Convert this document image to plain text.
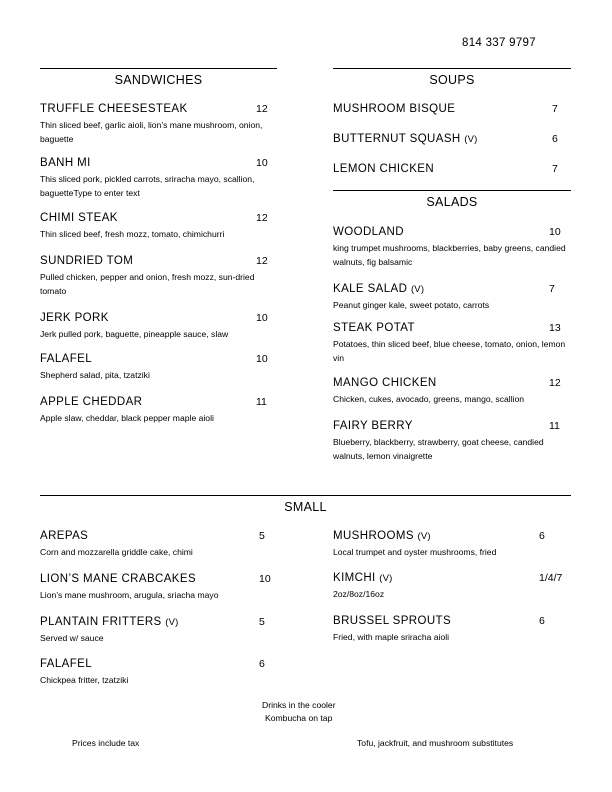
814 337 9797
SANDWICHES
TRUFFLE CHEESESTEAK	12
Thin sliced beef, garlic aioli, lion’s mane mushroom, onion, baguette
BANH MI	10
This sliced pork, pickled carrots, sriracha mayo, scallion, baguetteType to enter text
CHIMI STEAK	12
Thin sliced beef, fresh mozz, tomato, chimichurri
SUNDRIED TOM	12
Pulled chicken, pepper and onion, fresh mozz, sun-dried tomato
JERK PORK	10
Jerk pulled pork, baguette, pineapple sauce, slaw
FALAFEL	10
Shepherd salad, pita, tzatziki
APPLE CHEDDAR	11
Apple slaw, cheddar, black pepper maple aioli
SOUPS
MUSHROOM BISQUE	7
BUTTERNUT SQUASH (V)	6
LEMON CHICKEN	7
SALADS
WOODLAND	10
king trumpet mushrooms, blackberries, baby greens, candied walnuts, fig balsamic
KALE SALAD (V)	7
Peanut ginger kale, sweet potato, carrots
STEAK POTAT	13
Potatoes, thin sliced beef, blue cheese, tomato, onion, lemon vin
MANGO CHICKEN	12
Chicken, cukes, avocado, greens, mango, scallion
FAIRY BERRY	11
Blueberry, blackberry, strawberry, goat cheese, candied walnuts, lemon vinaigrette
SMALL
AREPAS	5
Corn and mozzarella griddle cake, chimi
LION’S MANE CRABCAKES	10
Lion’s mane mushroom, arugula, sriacha mayo
PLANTAIN FRITTERS (V)	5
Served w/ sauce
FALAFEL	6
Chickpea fritter, tzatziki
MUSHROOMS (V)	6
Local trumpet and oyster mushrooms, fried
KIMCHI (V)	1/4/7
2oz/8oz/16oz
BRUSSEL SPROUTS	6
Fried, with maple sriracha aioli
Drinks in the cooler
Kombucha on tap
Prices include tax	Tofu, jackfruit, and mushroom substitutes
